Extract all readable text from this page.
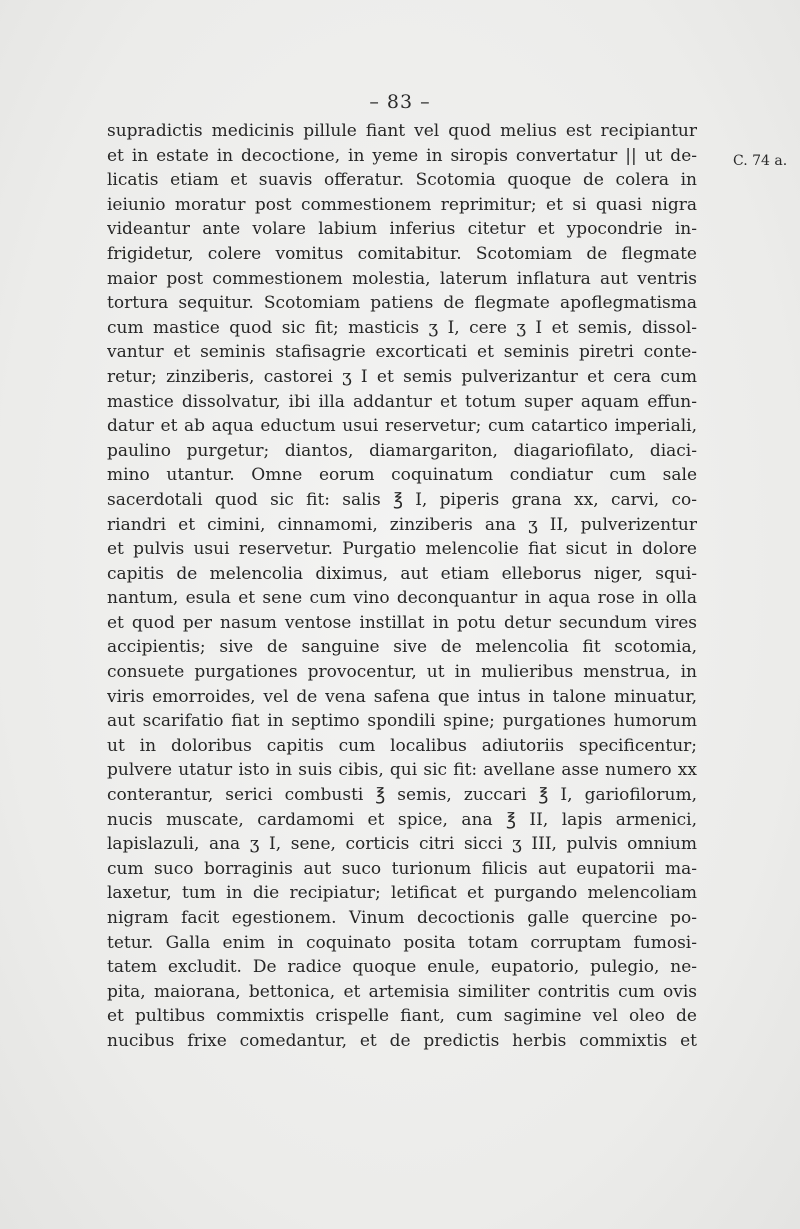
– 83 –
C. 74 a.
supradictis medicinis pillule fiant vel quod melius est recipiantur
et in estate in decoctione, in yeme in siropis convertatur || ut de-
licatis etiam et suavis offeratur. Scotomia quoque de colera in
ieiunio moratur post commestionem reprimitur; et si quasi nigra
videantur ante volare labium inferius citetur et ypocondrie in-
frigidetur, colere vomitus comitabitur. Scotomiam de flegmate
maior post commestionem molestia, laterum inflatura aut ventris
tortura sequitur. Scotomiam patiens de flegmate apoflegmatisma
cum mastice quod sic fit; masticis ʒ I, cere ʒ I et semis, dissol-
vantur et seminis stafisagrie excorticati et seminis piretri conte-
retur; zinziberis, castorei ʒ I et semis pulverizantur et cera cum
mastice dissolvatur, ibi illa addantur et totum super aquam effun-
datur et ab aqua eductum usui reservetur; cum catartico imperiali,
paulino purgetur; diantos, diamargariton, diagariofilato, diaci-
mino utantur. Omne eorum coquinatum condiatur cum sale
sacerdotali quod sic fit: salis ℥ I, piperis grana xx, carvi, co-
riandri et cimini, cinnamomi, zinziberis ana ʒ II, pulverizentur
et pulvis usui reservetur. Purgatio melencolie fiat sicut in dolore
capitis de melencolia diximus, aut etiam elleborus niger, squi-
nantum, esula et sene cum vino deconquantur in aqua rose in olla
et quod per nasum ventose instillat in potu detur secundum vires
accipientis; sive de sanguine sive de melencolia fit scotomia,
consuete purgationes provocentur, ut in mulieribus menstrua, in
viris emorroides, vel de vena safena que intus in talone minuatur,
aut scarifatio fiat in septimo spondili spine; purgationes humorum
ut in doloribus capitis cum localibus adiutoriis specificentur;
pulvere utatur isto in suis cibis, qui sic fit: avellane asse numero xx
conterantur, serici combusti ℥ semis, zuccari ℥ I, gariofilorum,
nucis muscate, cardamomi et spice, ana ℥ II, lapis armenici,
lapislazuli, ana ʒ I, sene, corticis citri sicci ʒ III, pulvis omnium
cum suco borraginis aut suco turionum filicis aut eupatorii ma-
laxetur, tum in die recipiatur; letificat et purgando melencoliam
nigram facit egestionem. Vinum decoctionis galle quercine po-
tetur. Galla enim in coquinato posita totam corruptam fumosi-
tatem excludit. De radice quoque enule, eupatorio, pulegio, ne-
pita, maiorana, bettonica, et artemisia similiter contritis cum ovis
et pultibus commixtis crispelle fiant, cum sagimine vel oleo de
nucibus frixe comedantur, et de predictis herbis commixtis et
